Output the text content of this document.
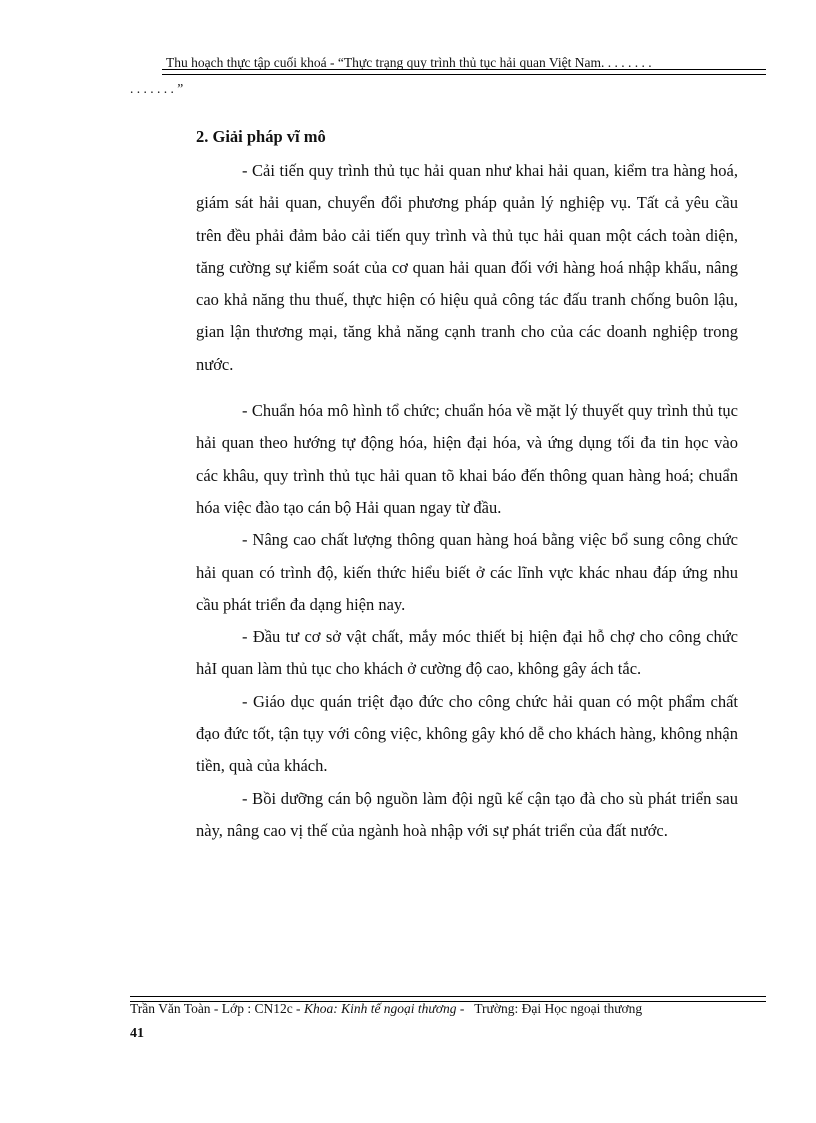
Thu hoạch thực tập cuối khoá - “Thực trạng quy trình thủ tục hải quan Việt Nam. . . . . . . .
. . . . . . . ”

2. Giải pháp vĩ mô

- Cải tiến quy trình thủ tục hải quan như khai hải quan, kiểm tra hàng hoá, giám sát hải quan, chuyển đổi phương pháp quản lý nghiệp vụ. Tất cả yêu cầu trên đều phải đảm bảo cải tiến quy trình và thủ tục hải quan một cách toàn diện, tăng cường sự kiểm soát của cơ quan hải quan đối với hàng hoá nhập khẩu, nâng cao khả năng thu thuế, thực hiện có hiệu quả công tác đấu tranh chống buôn lậu, gian lận thương mại, tăng khả năng cạnh tranh cho của các doanh nghiệp trong nước.

- Chuẩn hóa mô hình tổ chức; chuẩn hóa về mặt lý thuyết quy trình thủ tục hải quan theo hướng tự động hóa, hiện đại hóa, và ứng dụng tối đa tin học vào các khâu, quy trình thủ tục hải quan tõ khai báo đến thông quan hàng hoá; chuẩn hóa việc đào tạo cán bộ Hải quan ngay từ đầu.

- Nâng cao chất lượng thông quan hàng hoá bằng việc bổ sung công chức hải quan có trình độ, kiến thức hiểu biết ở các lĩnh vực khác nhau đáp ứng nhu cầu phát triển đa dạng hiện nay.

- Đầu tư cơ sở vật chất, mắy móc thiết bị hiện đại hỗ chợ cho công chức hảI quan làm thủ tục cho khách ở cường độ cao, không gây ách tắc.

- Giáo dục quán triệt đạo đức cho công chức hải quan có một phẩm chất đạo đức tốt, tận tụy với công việc, không gây khó dễ cho khách hàng, không nhận tiền, quà của khách.

- Bồi dưỡng cán bộ nguồn làm đội ngũ kế cận tạo đà cho sù phát triển sau này, nâng cao vị thế của ngành hoà nhập với sự phát triển của đất nước.

Trần Văn Toàn - Lớp : CN12c - Khoa: Kinh tế ngoại thương -   Trường: Đại Học ngoại thương
41
